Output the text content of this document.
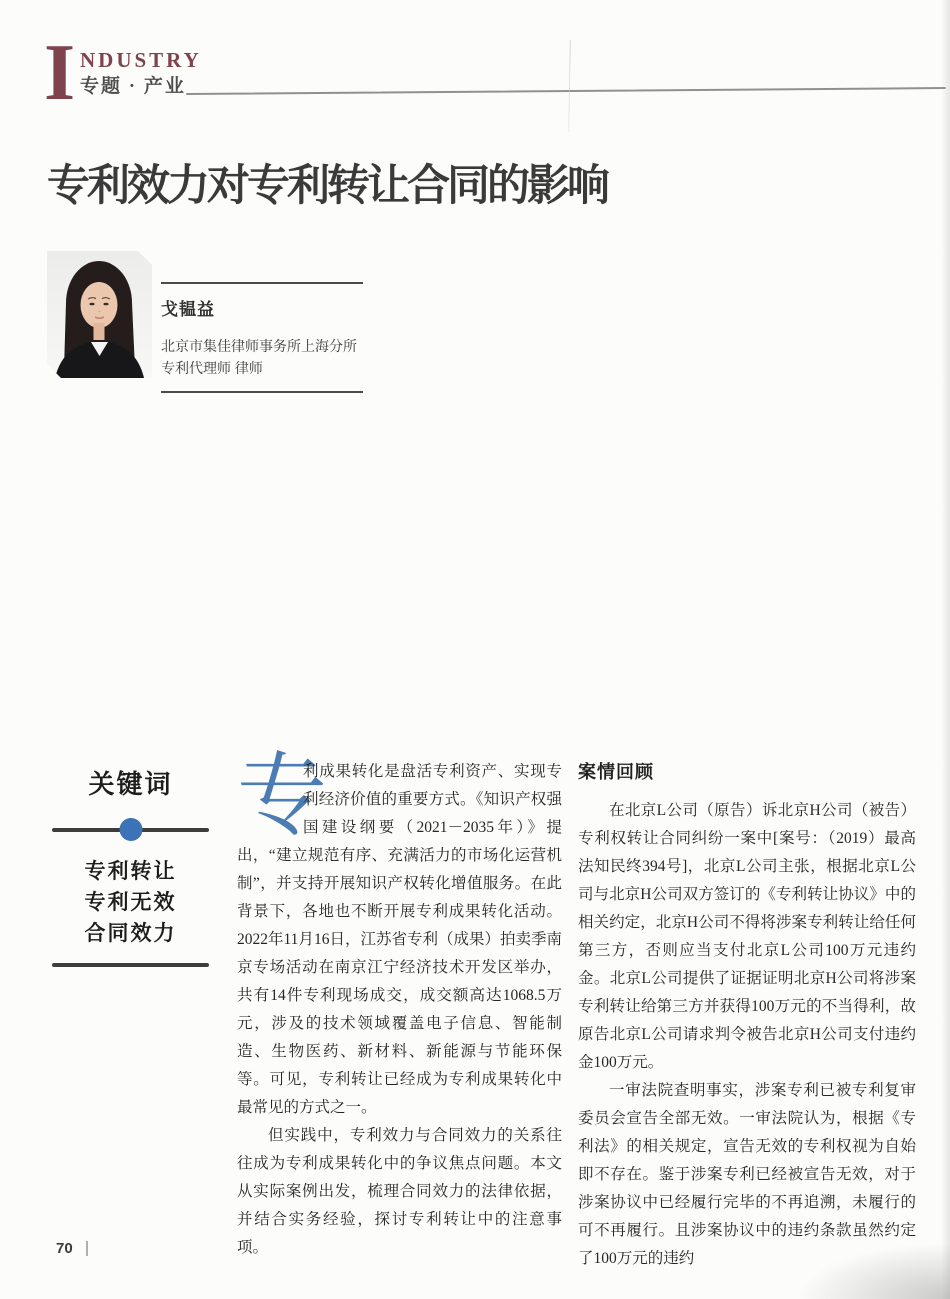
I NDUSTRY
专题 · 产业
专利效力对专利转让合同的影响
戈韫益
北京市集佳律师事务所上海分所
专利代理师 律师
关键词
专利转让
专利无效
合同效力

专
利成果转化是盘活专利资产、实现专利经济价值的重要方式。《知识产权强国建设纲要（2021－2035年）》提出，“建立规范有序、充满活力的市场化运营机制”，并支持开展知识产权转化增值服务。在此背景下，各地也不断开展专利成果转化活动。2022年11月16日，江苏省专利（成果）拍卖季南京专场活动在南京江宁经济技术开发区举办，共有14件专利现场成交，成交额高达1068.5万元，涉及的技术领域覆盖电子信息、智能制造、生物医药、新材料、新能源与节能环保等。可见，专利转让已经成为专利成果转化中最常见的方式之一。

但实践中，专利效力与合同效力的关系往往成为专利成果转化中的争议焦点问题。本文从实际案例出发，梳理合同效力的法律依据，并结合实务经验，探讨专利转让中的注意事项。

案情回顾

在北京L公司（原告）诉北京H公司（被告）专利权转让合同纠纷一案中[案号：（2019）最高法知民终394号]，北京L公司主张，根据北京L公司与北京H公司双方签订的《专利转让协议》中的相关约定，北京H公司不得将涉案专利转让给任何第三方，否则应当支付北京L公司100万元违约金。北京L公司提供了证据证明北京H公司将涉案专利转让给第三方并获得100万元的不当得利，故原告北京L公司请求判令被告北京H公司支付违约金100万元。

一审法院查明事实，涉案专利已被专利复审委员会宣告全部无效。一审法院认为，根据《专利法》的相关规定，宣告无效的专利权视为自始即不存在。鉴于涉案专利已经被宣告无效，对于涉案协议中已经履行完毕的不再追溯，未履行的可不再履行。且涉案协议中的违约条款虽然约定了100万元的违约

70
